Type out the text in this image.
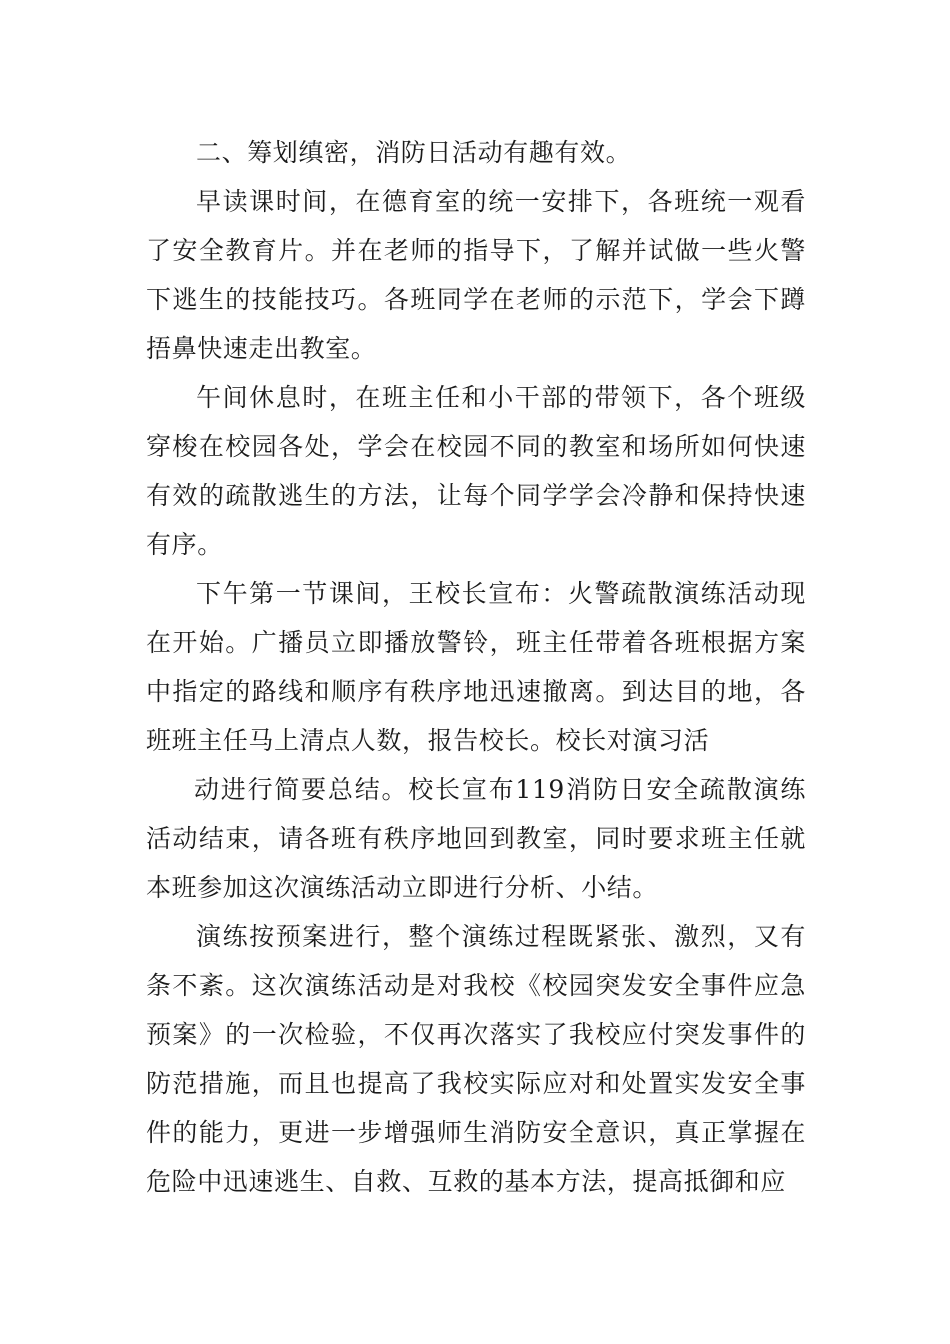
二、筹划缜密，消防日活动有趣有效。

早读课时间，在德育室的统一安排下，各班统一观看了安全教育片。并在老师的指导下，了解并试做一些火警下逃生的技能技巧。各班同学在老师的示范下，学会下蹲捂鼻快速走出教室。

午间休息时，在班主任和小干部的带领下，各个班级穿梭在校园各处，学会在校园不同的教室和场所如何快速有效的疏散逃生的方法，让每个同学学会冷静和保持快速有序。

下午第一节课间，王校长宣布：火警疏散演练活动现在开始。广播员立即播放警铃，班主任带着各班根据方案中指定的路线和顺序有秩序地迅速撤离。到达目的地，各班班主任马上清点人数，报告校长。校长对演习活

动进行简要总结。校长宣布119消防日安全疏散演练活动结束，请各班有秩序地回到教室，同时要求班主任就本班参加这次演练活动立即进行分析、小结。

演练按预案进行，整个演练过程既紧张、激烈，又有条不紊。这次演练活动是对我校《校园突发安全事件应急预案》的一次检验，不仅再次落实了我校应付突发事件的防范措施，而且也提高了我校实际应对和处置实发安全事件的能力，更进一步增强师生消防安全意识，真正掌握在危险中迅速逃生、自救、互救的基本方法，提高抵御和应
